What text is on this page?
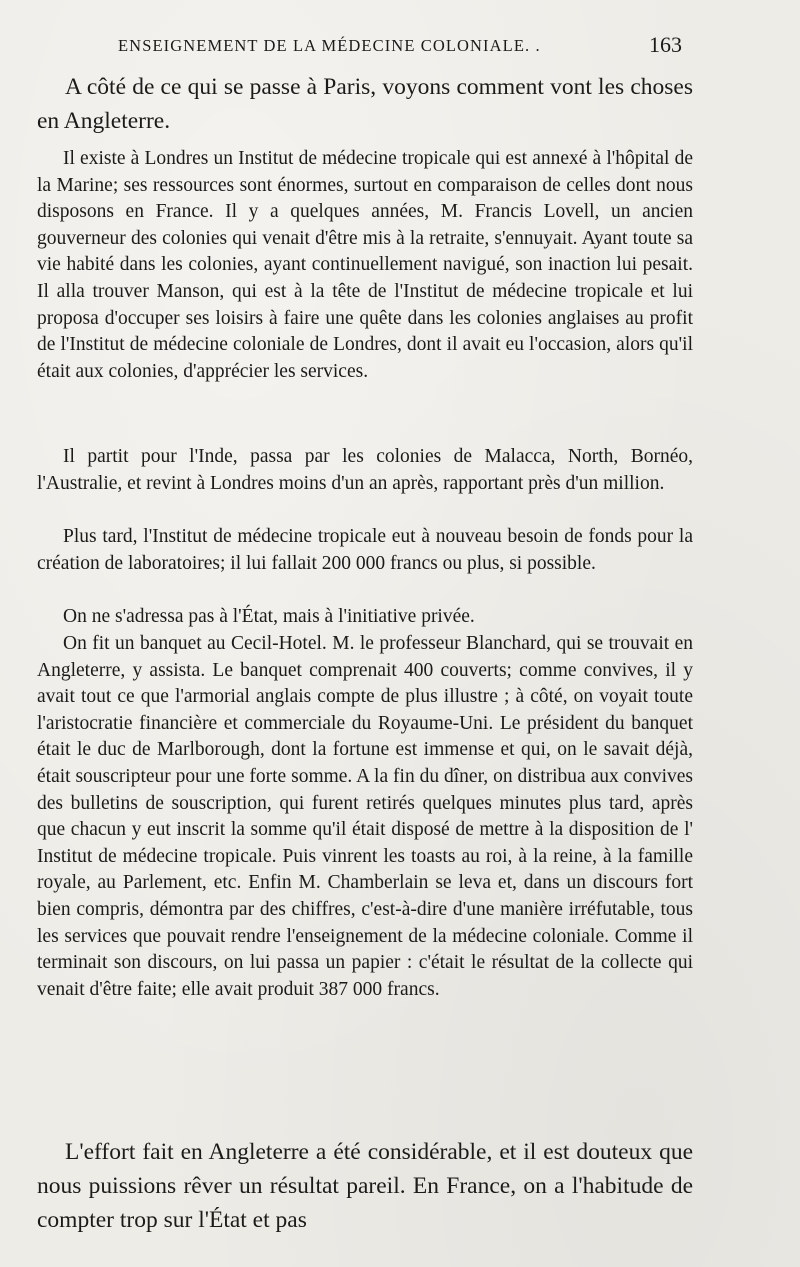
ENSEIGNEMENT DE LA MÉDECINE COLONIALE. .	163

A côté de ce qui se passe à Paris, voyons comment vont les choses en Angleterre.

Il existe à Londres un Institut de médecine tropicale qui est annexé à l'hôpital de la Marine; ses ressources sont énormes, surtout en comparaison de celles dont nous disposons en France. Il y a quelques années, M. Francis Lovell, un ancien gouverneur des colonies qui venait d'être mis à la retraite, s'ennuyait. Ayant toute sa vie habité dans les colonies, ayant continuellement navigué, son inaction lui pesait. Il alla trouver Manson, qui est à la tête de l'Institut de médecine tropicale et lui proposa d'occuper ses loisirs à faire une quête dans les colonies anglaises au profit de l'Institut de médecine coloniale de Londres, dont il avait eu l'occasion, alors qu'il était aux colonies, d'apprécier les services.

Il partit pour l'Inde, passa par les colonies de Malacca, North, Bornéo, l'Australie, et revint à Londres moins d'un an après, rapportant près d'un million.

Plus tard, l'Institut de médecine tropicale eut à nouveau besoin de fonds pour la création de laboratoires; il lui fallait 200 000 francs ou plus, si possible.

On ne s'adressa pas à l'État, mais à l'initiative privée.

On fit un banquet au Cecil-Hotel. M. le professeur Blanchard, qui se trouvait en Angleterre, y assista. Le banquet comprenait 400 couverts; comme convives, il y avait tout ce que l'armorial anglais compte de plus illustre ; à côté, on voyait toute l'aristocratie financière et commerciale du Royaume-Uni. Le président du banquet était le duc de Marlborough, dont la fortune est immense et qui, on le savait déjà, était souscripteur pour une forte somme. A la fin du dîner, on distribua aux convives des bulletins de souscription, qui furent retirés quelques minutes plus tard, après que chacun y eut inscrit la somme qu'il était disposé de mettre à la disposition de l' Institut de médecine tropicale. Puis vinrent les toasts au roi, à la reine, à la famille royale, au Parlement, etc. Enfin M. Chamberlain se leva et, dans un discours fort bien compris, démontra par des chiffres, c'est-à-dire d'une manière irréfutable, tous les services que pouvait rendre l'enseignement de la médecine coloniale. Comme il terminait son discours, on lui passa un papier : c'était le résultat de la collecte qui venait d'être faite; elle avait produit 387 000 francs.

L'effort fait en Angleterre a été considérable, et il est douteux que nous puissions rêver un résultat pareil. En France, on a l'habitude de compter trop sur l'État et pas
